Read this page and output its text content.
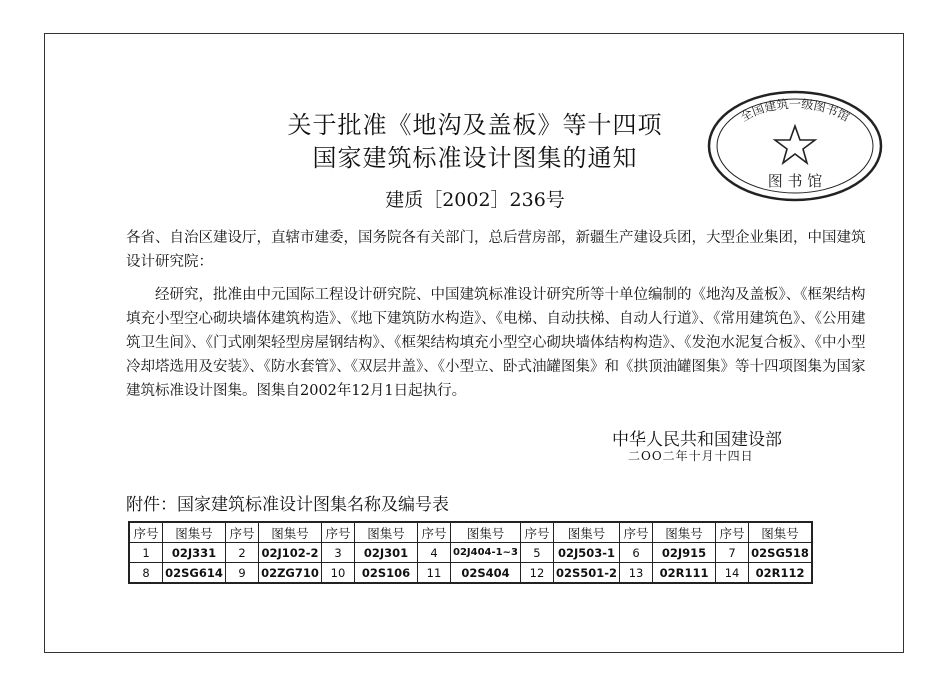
关于批准《地沟及盖板》等十四项
国家建筑标准设计图集的通知
建质［2002］236号
全国建筑一级图书馆
图 书 馆
各省、自治区建设厅，直辖市建委，国务院各有关部门，总后营房部，新疆生产建设兵团，大型企业集团，中国建筑设计研究院：
经研究，批准由中元国际工程设计研究院、中国建筑标准设计研究所等十单位编制的《地沟及盖板》、《框架结构填充小型空心砌块墙体建筑构造》、《地下建筑防水构造》、《电梯、自动扶梯、自动人行道》、《常用建筑色》、《公用建筑卫生间》、《门式刚架轻型房屋钢结构》、《框架结构填充小型空心砌块墙体结构构造》、《发泡水泥复合板》、《中小型冷却塔选用及安装》、《防水套管》、《双层井盖》、《小型立、卧式油罐图集》和《拱顶油罐图集》等十四项图集为国家建筑标准设计图集。图集自2002年12月1日起执行。
中华人民共和国建设部
二OO二年十月十四日
附件：国家建筑标准设计图集名称及编号表
序号	图集号	序号	图集号	序号	图集号	序号	图集号	序号	图集号	序号	图集号	序号	图集号
1	02J331	2	02J102-2	3	02J301	4	02J404-1~3	5	02J503-1	6	02J915	7	02SG518
8	02SG614	9	02ZG710	10	02S106	11	02S404	12	02S501-2	13	02R111	14	02R112
